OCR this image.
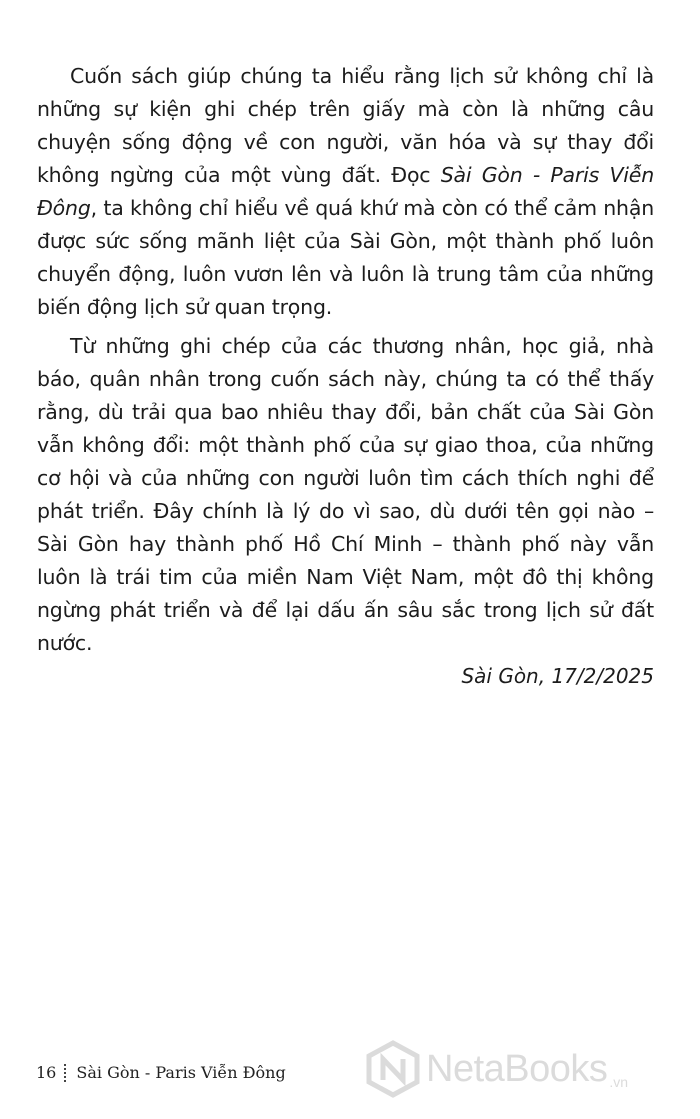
Cuốn sách giúp chúng ta hiểu rằng lịch sử không chỉ là những sự kiện ghi chép trên giấy mà còn là những câu chuyện sống động về con người, văn hóa và sự thay đổi không ngừng của một vùng đất. Đọc Sài Gòn - Paris Viễn Đông, ta không chỉ hiểu về quá khứ mà còn có thể cảm nhận được sức sống mãnh liệt của Sài Gòn, một thành phố luôn chuyển động, luôn vươn lên và luôn là trung tâm của những biến động lịch sử quan trọng.

Từ những ghi chép của các thương nhân, học giả, nhà báo, quân nhân trong cuốn sách này, chúng ta có thể thấy rằng, dù trải qua bao nhiêu thay đổi, bản chất của Sài Gòn vẫn không đổi: một thành phố của sự giao thoa, của những cơ hội và của những con người luôn tìm cách thích nghi để phát triển. Đây chính là lý do vì sao, dù dưới tên gọi nào – Sài Gòn hay thành phố Hồ Chí Minh – thành phố này vẫn luôn là trái tim của miền Nam Việt Nam, một đô thị không ngừng phát triển và để lại dấu ấn sâu sắc trong lịch sử đất nước.

Sài Gòn, 17/2/2025
16 Sài Gòn - Paris Viễn Đông	NetaBooks .vn
